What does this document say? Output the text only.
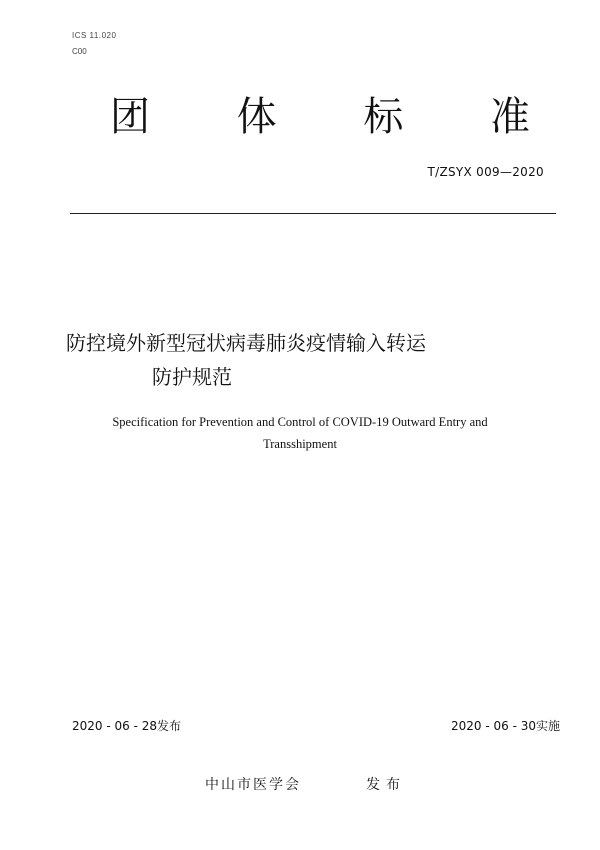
ICS 11.020
C00
团 体 标 准
T/ZSYX 009—2020
防控境外新型冠状病毒肺炎疫情输入转运
防护规范
Specification for Prevention and Control of COVID-19 Outward Entry and
Transshipment
2020 - 06 - 28发布	2020 - 06 - 30实施
中山市医学会	发布
